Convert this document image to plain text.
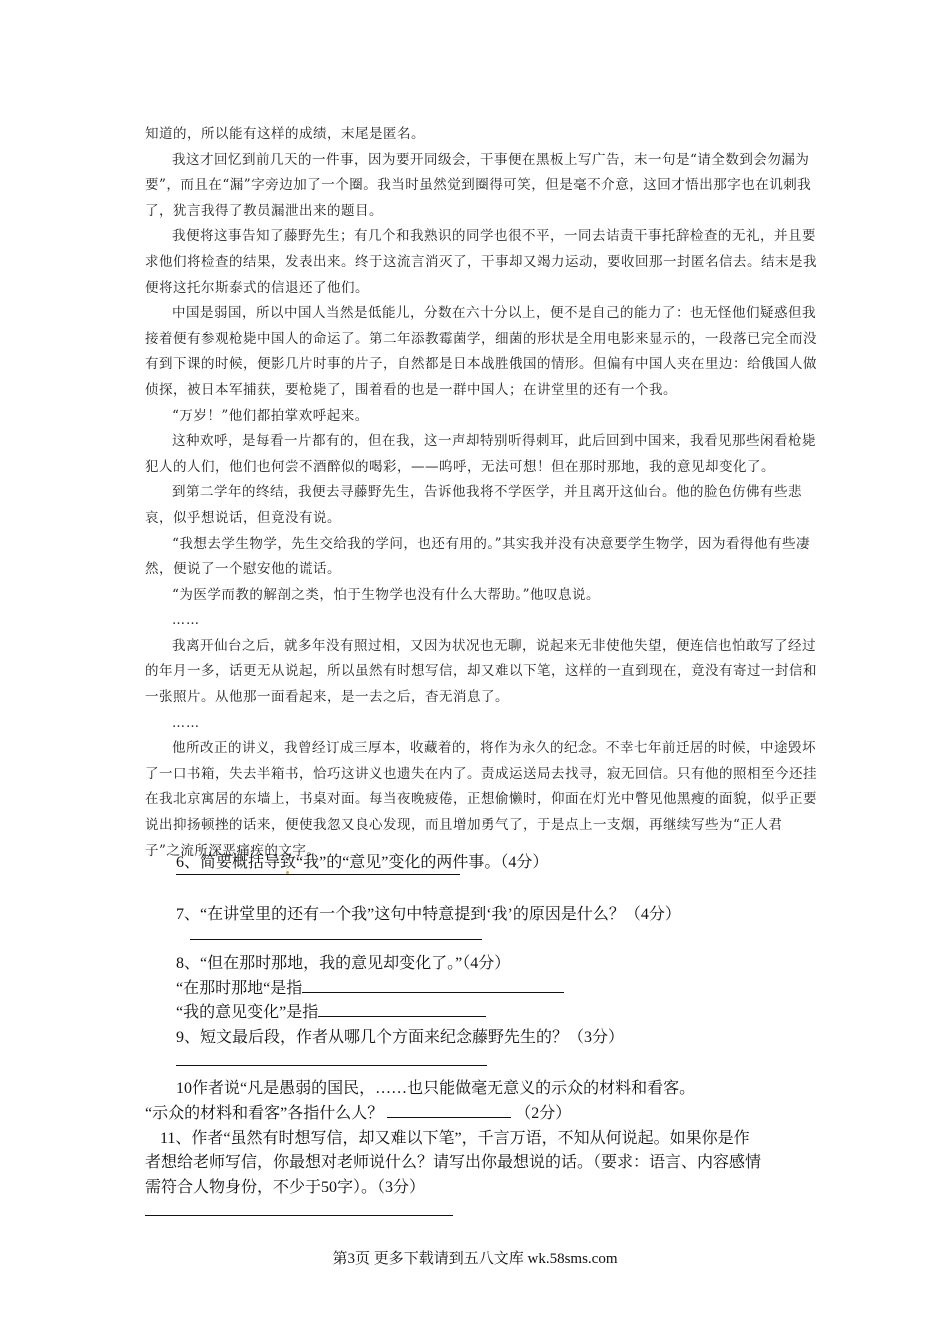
知道的，所以能有这样的成绩，末尾是匿名。

我这才回忆到前几天的一件事，因为要开同级会，干事便在黑板上写广告，末一句是“请全数到会勿漏为要”，而且在“漏”字旁边加了一个圈。我当时虽然觉到圈得可笑，但是毫不介意，这回才悟出那字也在讥刺我了，犹言我得了教员漏泄出来的题目。

我便将这事告知了藤野先生；有几个和我熟识的同学也很不平，一同去诘责干事托辞检查的无礼，并且要求他们将检查的结果，发表出来。终于这流言消灭了，干事却又竭力运动，要收回那一封匿名信去。结末是我便将这托尔斯泰式的信退还了他们。

中国是弱国，所以中国人当然是低能儿，分数在六十分以上，便不是自己的能力了：也无怪他们疑惑但我接着便有参观枪毙中国人的命运了。第二年添教霉菌学，细菌的形状是全用电影来显示的，一段落已完全而没有到下课的时候，便影几片时事的片子，自然都是日本战胜俄国的情形。但偏有中国人夹在里边：给俄国人做侦探，被日本军捕获，要枪毙了，围着看的也是一群中国人；在讲堂里的还有一个我。

“万岁！”他们都拍掌欢呼起来。

这种欢呼，是每看一片都有的，但在我，这一声却特别听得刺耳，此后回到中国来，我看见那些闲看枪毙犯人的人们，他们也何尝不酒醉似的喝彩，——呜呼，无法可想！但在那时那地，我的意见却变化了。

到第二学年的终结，我便去寻藤野先生，告诉他我将不学医学，并且离开这仙台。他的脸色仿佛有些悲哀，似乎想说话，但竟没有说。

“我想去学生物学，先生交给我的学问，也还有用的。”其实我并没有决意要学生物学，因为看得他有些凄然，便说了一个慰安他的谎话。

“为医学而教的解剖之类，怕于生物学也没有什么大帮助。”他叹息说。

……

我离开仙台之后，就多年没有照过相，又因为状况也无聊，说起来无非使他失望，便连信也怕敢写了经过的年月一多，话更无从说起，所以虽然有时想写信，却又难以下笔，这样的一直到现在，竟没有寄过一封信和一张照片。从他那一面看起来，是一去之后，杳无消息了。

……

他所改正的讲义，我曾经订成三厚本，收藏着的，将作为永久的纪念。不幸七年前迁居的时候，中途毁坏了一口书箱，失去半箱书，恰巧这讲义也遗失在内了。责成运送局去找寻，寂无回信。只有他的照相至今还挂在我北京寓居的东墙上，书桌对面。每当夜晚疲倦，正想偷懒时，仰面在灯光中瞥见他黑瘦的面貌，似乎正要说出抑扬顿挫的话来，便使我忽又良心发现，而且增加勇气了，于是点上一支烟，再继续写些为“正人君子”之流所深恶痛疾的文字。

6、简要概括导致“我”的“意见”变化的两件事。（4分）
7、“在讲堂里的还有一个我”这句中特意提到‘我’的原因是什么？（4分）
8、“但在那时那地，我的意见却变化了。”（4分）
“在那时那地“是指
“我的意见变化”是指
9、短文最后段，作者从哪几个方面来纪念藤野先生的？（3分）
10作者说“凡是愚弱的国民，……也只能做毫无意义的示众的材料和看客。
“示众的材料和看客”各指什么人？	（2分）
11、作者“虽然有时想写信，却又难以下笔”，千言万语，不知从何说起。如果你是作
者想给老师写信，你最想对老师说什么？请写出你最想说的话。（要求：语言、内容感情
需符合人物身份，不少于50字）。（3分）
第3页 更多下载请到五八文库 wk.58sms.com
